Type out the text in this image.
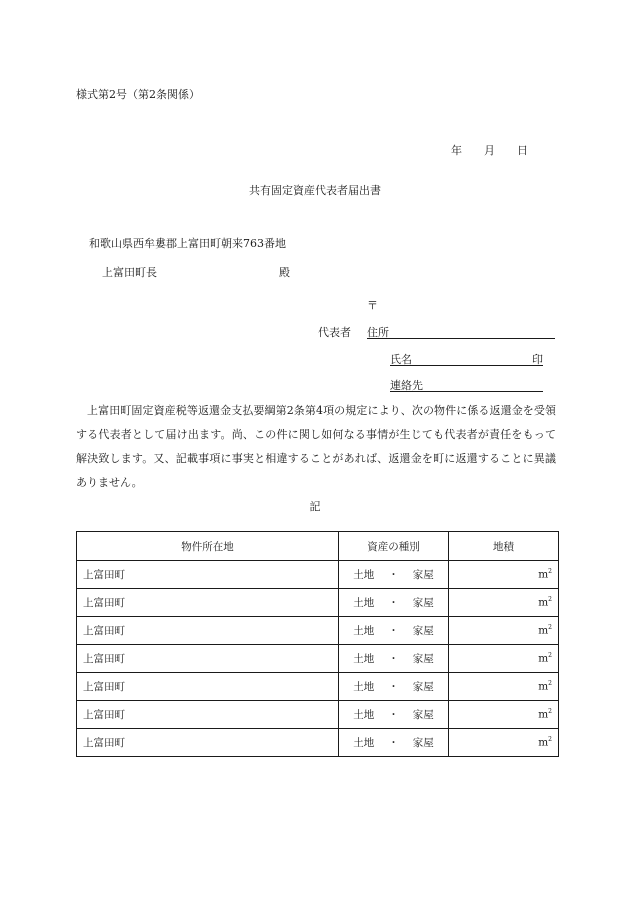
様式第2号（第2条関係）
年 月 日
共有固定資産代表者届出書
和歌山県西牟婁郡上富田町朝来763番地
上富田町長	殿
〒
代表者 住所
氏名	印
連絡先

上富田町固定資産税等返還金支払要綱第2条第4項の規定により、次の物件に係る返還金を受領する代表者として届け出ます。尚、この件に関し如何なる事情が生じても代表者が責任をもって解決致します。又、記載事項に事実と相違することがあれば、返還金を町に返還することに異議ありません。

記
物件所在地	資産の種別	地積
上富田町	土地 ・ 家屋	$m^2$
上富田町	土地 ・ 家屋	$m^2$
上富田町	土地 ・ 家屋	$m^2$
上富田町	土地 ・ 家屋	$m^2$
上富田町	土地 ・ 家屋	$m^2$
上富田町	土地 ・ 家屋	$m^2$
上富田町	土地 ・ 家屋	$m^2$
